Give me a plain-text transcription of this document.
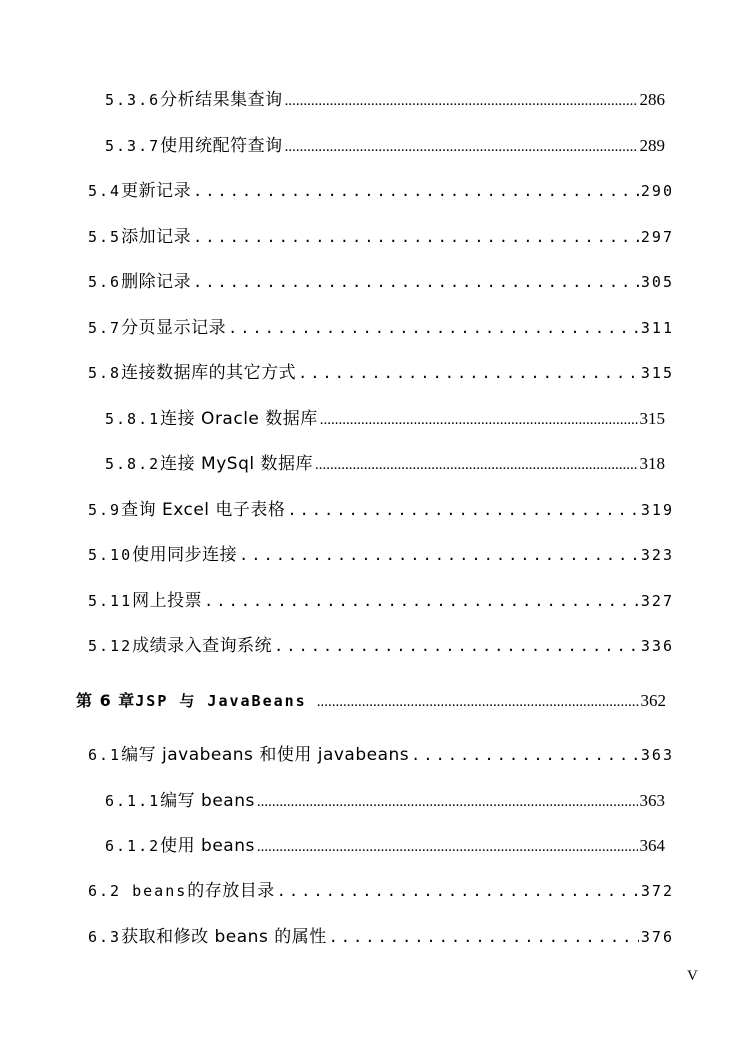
5.3.6 分析结果集查询 .....	286
5.3.7 使用统配符查询 .....	289
5.4 更新记录 .....	290
5.5 添加记录 .....	297
5.6 删除记录 .....	305
5.7 分页显示记录 .....	311
5.8 连接数据库的其它方式 .....	315
5.8.1 连接 Oracle 数据库 .....	315
5.8.2 连接 MySql 数据库 .....	318
5.9 查询 Excel 电子表格 .....	319
5.10 使用同步连接 .....	323
5.11 网上投票 .....	327
5.12 成绩录入查询系统 .....	336
第 6 章 JSP 与 JavaBeans .....	362
6.1 编写 javabeans 和使用 javabeans .....	363
6.1.1 编写 beans .....	363
6.1.2 使用 beans .....	364
6.2 beans 的存放目录 .....	372
6.3 获取和修改 beans 的属性 .....	376
V
